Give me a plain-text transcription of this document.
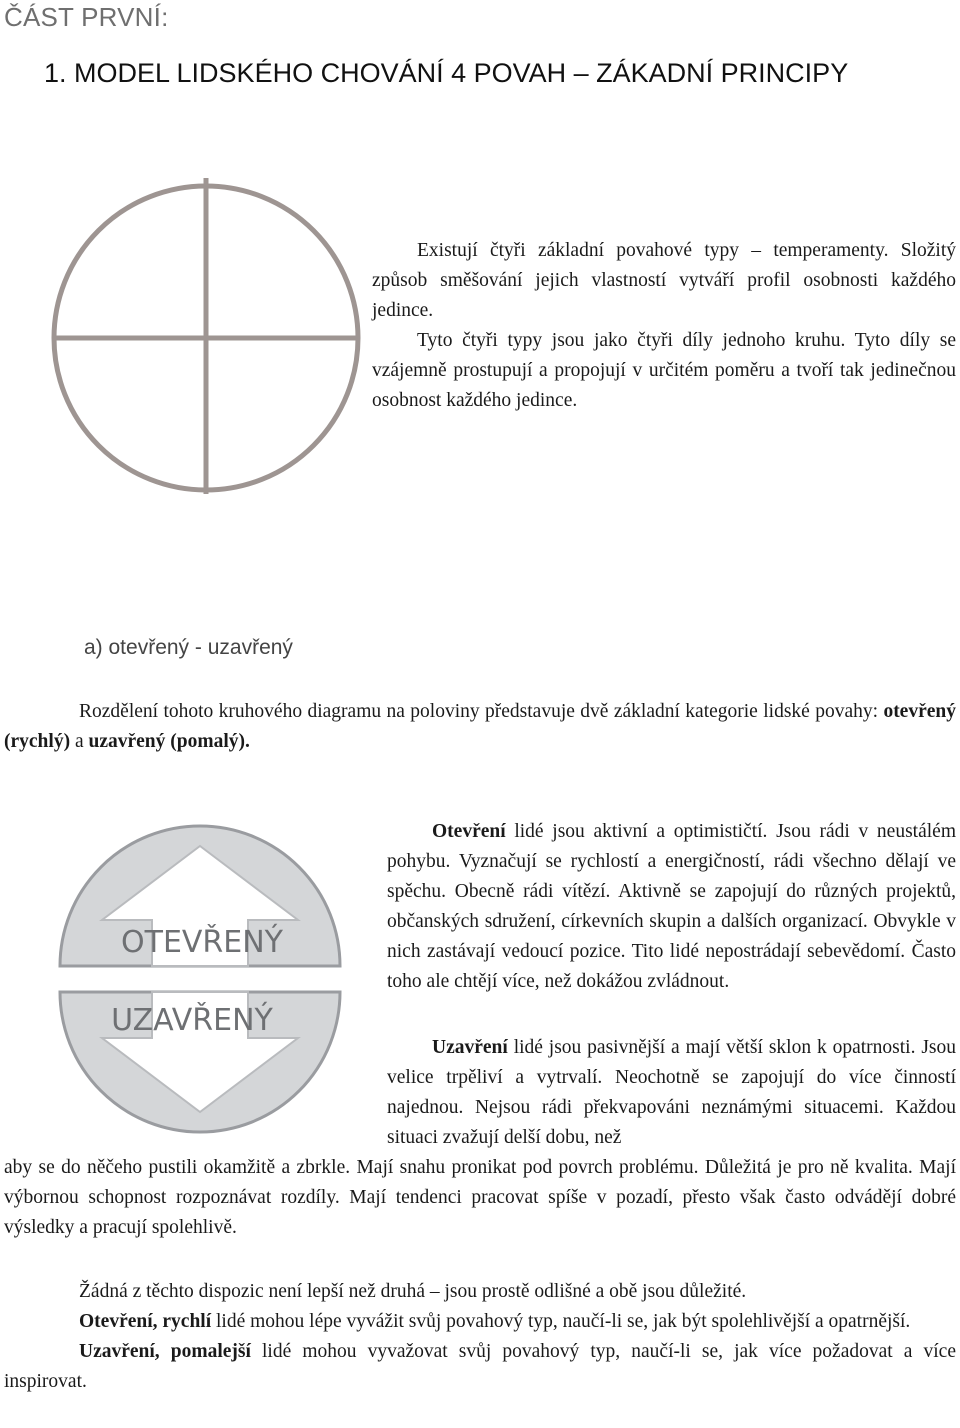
ČÁST PRVNÍ:
1. MODEL LIDSKÉHO CHOVÁNÍ 4 POVAH – ZÁKADNÍ PRINCIPY

Existují čtyři základní povahové typy – temperamenty. Složitý způsob směšování jejich vlastností vytváří profil osobnosti každého jedince.

Tyto čtyři typy jsou jako čtyři díly jednoho kruhu. Tyto díly se vzájemně prostupují a propojují v určitém poměru a tvoří tak jedinečnou osobnost každého jedince.

a) otevřený - uzavřený
Rozdělení tohoto kruhového diagramu na poloviny představuje dvě základní kategorie lidské povahy: otevřený (rychlý) a uzavřený (pomalý).
OTEVŘENÝ
UZAVŘENÝ
Otevření lidé jsou aktivní a optimističtí. Jsou rádi v neustálém pohybu. Vyznačují se rychlostí a energičností, rádi všechno dělají ve spěchu. Obecně rádi vítězí. Aktivně se zapojují do různých projektů, občanských sdružení, církevních skupin a dalších organizací. Obvykle v nich zastávají vedoucí pozice. Tito lidé nepostrádají sebevědomí. Často toho ale chtějí více, než dokážou zvládnout.
Uzavření lidé jsou pasivnější a mají větší sklon k opatrnosti. Jsou velice trpěliví a vytrvalí. Neochotně se zapojují do více činností najednou. Nejsou rádi překvapováni neznámými situacemi. Každou situaci zvažují delší dobu, než
aby se do něčeho pustili okamžitě a zbrkle. Mají snahu pronikat pod povrch problému. Důležitá je pro ně kvalita. Mají výbornou schopnost rozpoznávat rozdíly. Mají tendenci pracovat spíše v pozadí, přesto však často odvádějí dobré výsledky a pracují spolehlivě.
Žádná z těchto dispozic není lepší než druhá – jsou prostě odlišné a obě jsou důležité.
Otevření, rychlí lidé mohou lépe vyvážit svůj povahový typ, naučí-li se, jak být spolehlivější a opatrnější.
Uzavření, pomalejší lidé mohou vyvažovat svůj povahový typ, naučí-li se, jak více požadovat a více inspirovat.
